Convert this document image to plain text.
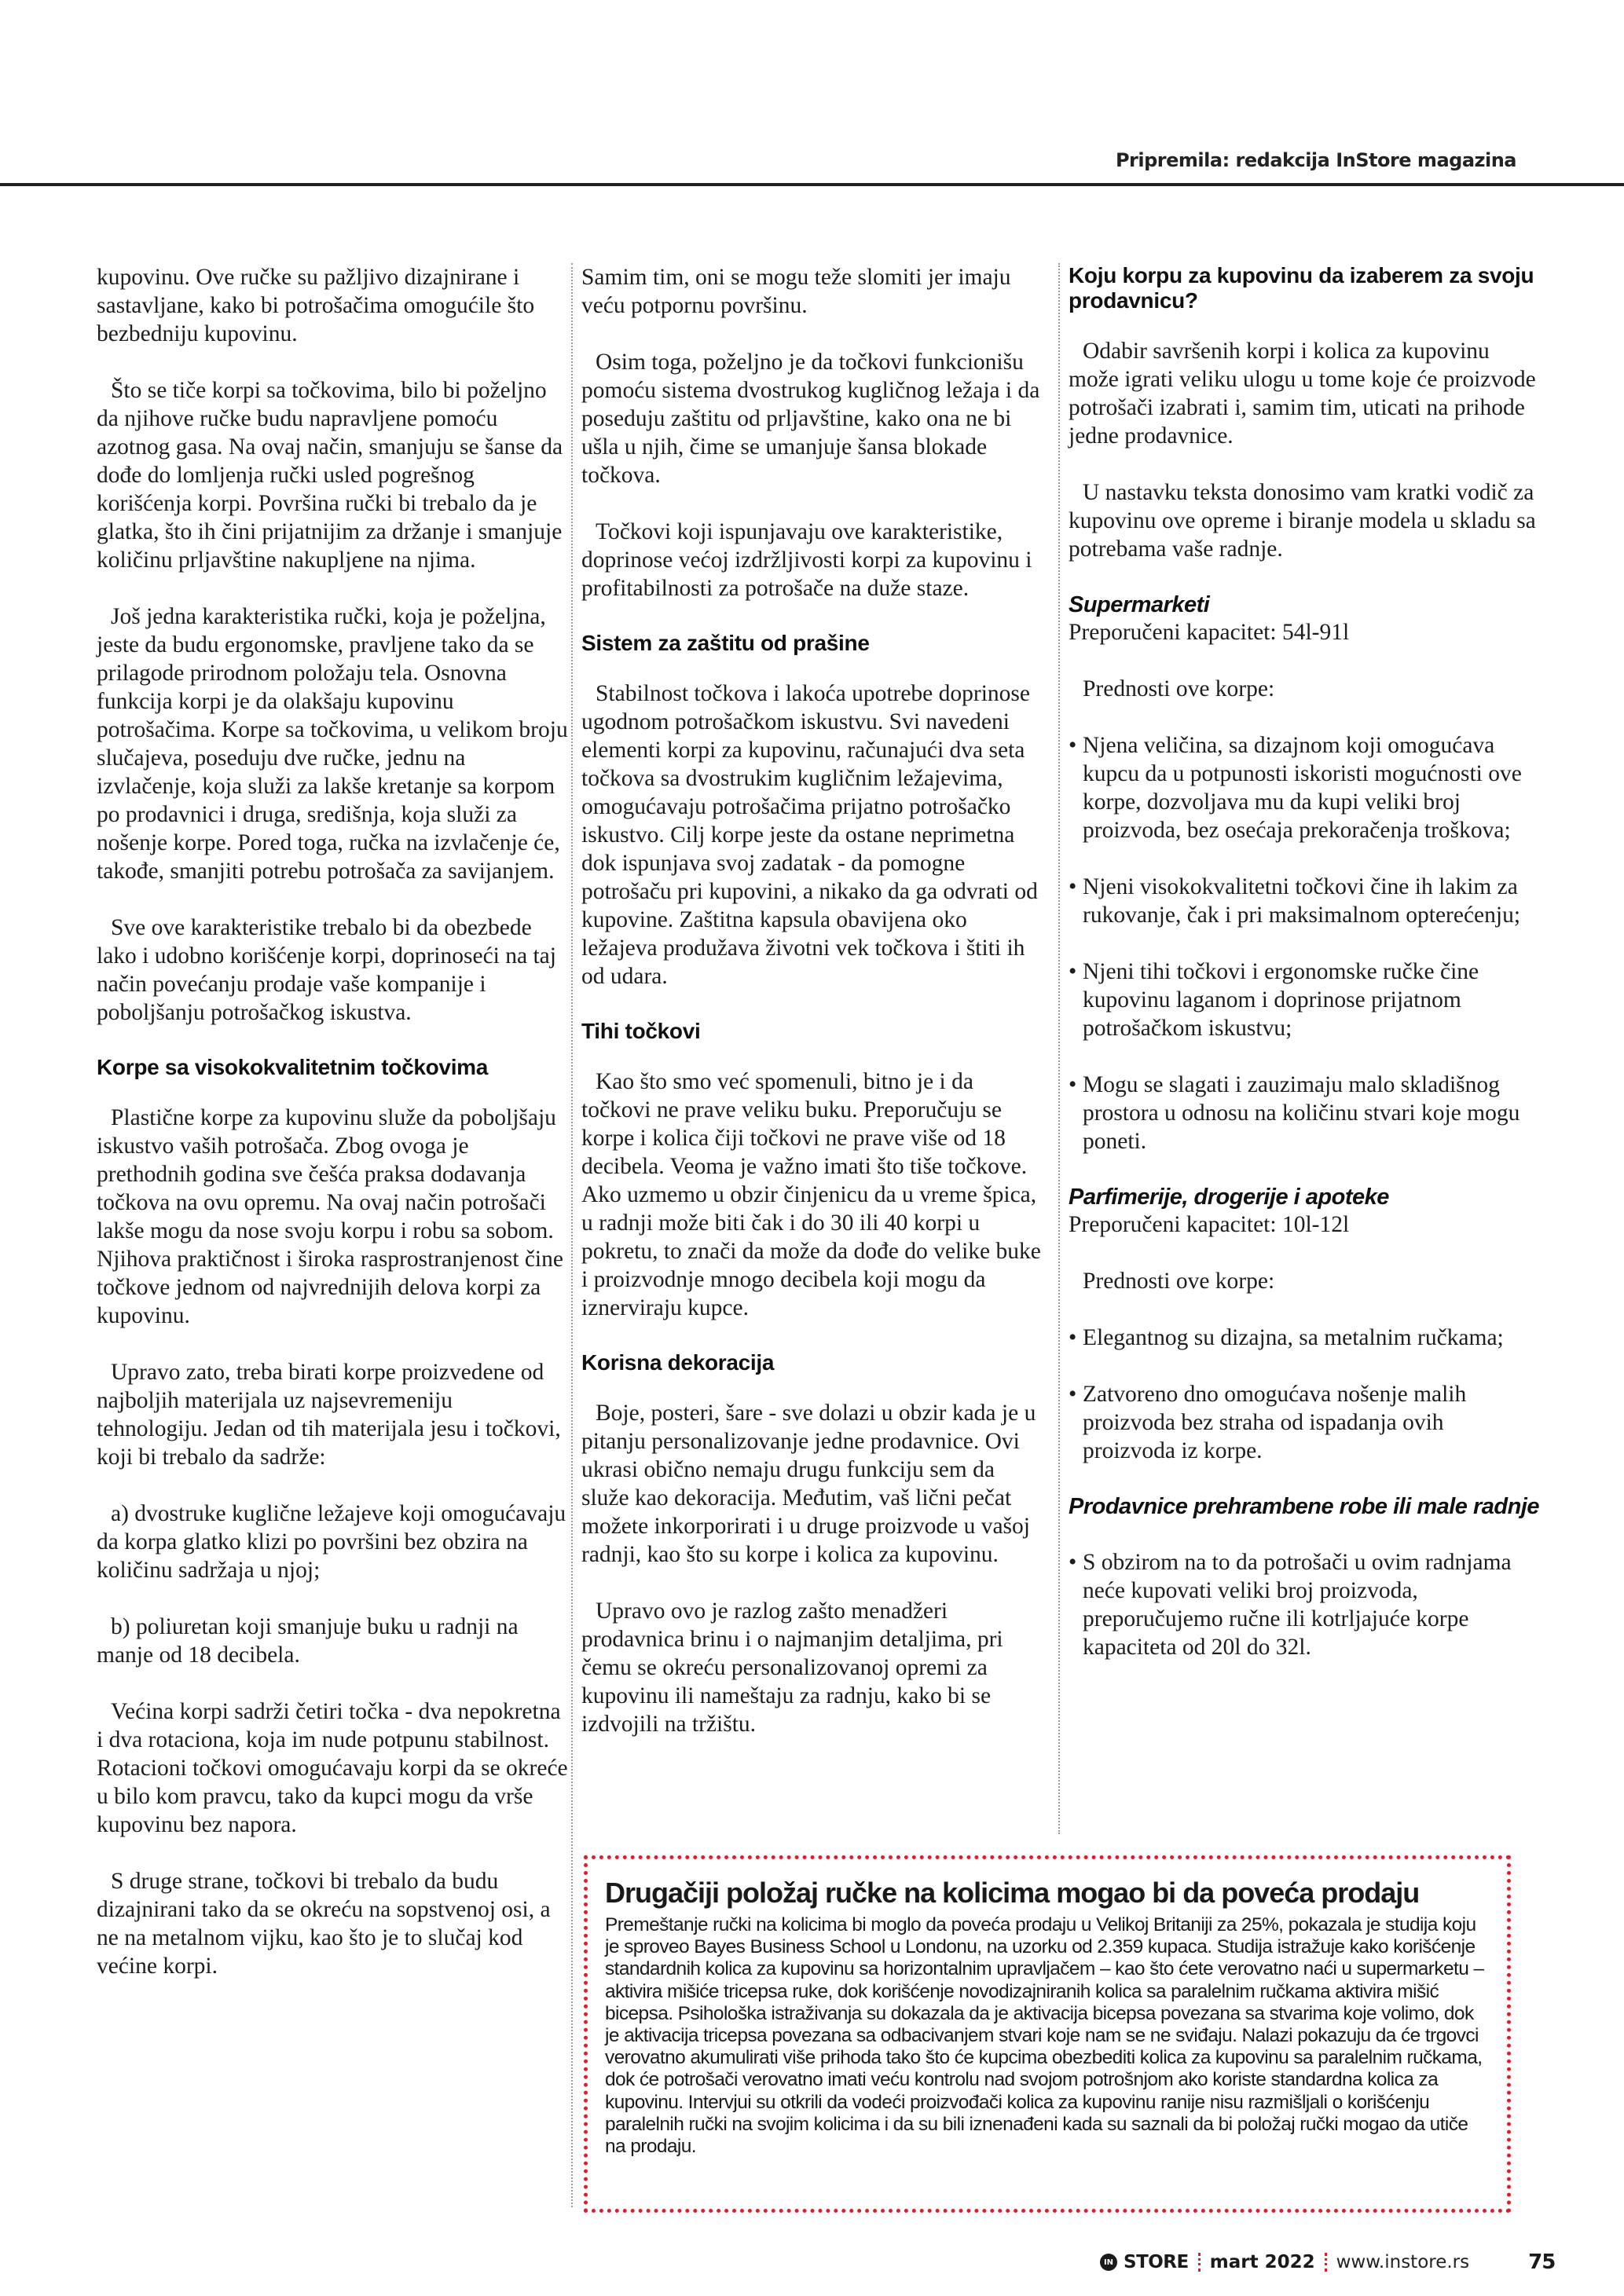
Pripremila: redakcija InStore magazina

kupovinu. Ove ručke su pažljivo dizajnirane i sastavljane, kako bi potrošačima omogućile što bezbedniju kupovinu.

Što se tiče korpi sa točkovima, bilo bi poželjno da njihove ručke budu napravljene pomoću azotnog gasa. Na ovaj način, smanjuju se šanse da dođe do lomljenja ručki usled pogrešnog korišćenja korpi. Površina ručki bi trebalo da je glatka, što ih čini prijatnijim za držanje i smanjuje količinu prljavštine nakupljene na njima.

Još jedna karakteristika ručki, koja je poželjna, jeste da budu ergonomske, pravljene tako da se prilagode prirodnom položaju tela. Osnovna funkcija korpi je da olakšaju kupovinu potrošačima. Korpe sa točkovima, u velikom broju slučajeva, poseduju dve ručke, jednu na izvlačenje, koja služi za lakše kretanje sa korpom po prodavnici i druga, središnja, koja služi za nošenje korpe. Pored toga, ručka na izvlačenje će, takođe, smanjiti potrebu potrošača za savijanjem.

Sve ove karakteristike trebalo bi da obezbede lako i udobno korišćenje korpi, doprinoseći na taj način povećanju prodaje vaše kompanije i poboljšanju potrošačkog iskustva.

Korpe sa visokokvalitetnim točkovima

Plastične korpe za kupovinu služe da poboljšaju iskustvo vaših potrošača. Zbog ovoga je prethodnih godina sve češća praksa dodavanja točkova na ovu opremu. Na ovaj način potrošači lakše mogu da nose svoju korpu i robu sa sobom. Njihova praktičnost i široka rasprostranjenost čine točkove jednom od najvrednijih delova korpi za kupovinu.

Upravo zato, treba birati korpe proizvedene od najboljih materijala uz najsevremeniju tehnologiju. Jedan od tih materijala jesu i točkovi, koji bi trebalo da sadrže:

a) dvostruke kuglične ležajeve koji omogućavaju da korpa glatko klizi po površini bez obzira na količinu sadržaja u njoj;

b) poliuretan koji smanjuje buku u radnji na manje od 18 decibela.

Većina korpi sadrži četiri točka - dva nepokretna i dva rotaciona, koja im nude potpunu stabilnost. Rotacioni točkovi omogućavaju korpi da se okreće u bilo kom pravcu, tako da kupci mogu da vrše kupovinu bez napora.

S druge strane, točkovi bi trebalo da budu dizajnirani tako da se okreću na sopstvenoj osi, a ne na metalnom vijku, kao što je to slučaj kod većine korpi.

Samim tim, oni se mogu teže slomiti jer imaju veću potpornu površinu.

Osim toga, poželjno je da točkovi funkcionišu pomoću sistema dvostrukog kugličnog ležaja i da poseduju zaštitu od prljavštine, kako ona ne bi ušla u njih, čime se umanjuje šansa blokade točkova.

Točkovi koji ispunjavaju ove karakteristike, doprinose većoj izdržljivosti korpi za kupovinu i profitabilnosti za potrošače na duže staze.

Sistem za zaštitu od prašine

Stabilnost točkova i lakoća upotrebe doprinose ugodnom potrošačkom iskustvu. Svi navedeni elementi korpi za kupovinu, računajući dva seta točkova sa dvostrukim kugličnim ležajevima, omogućavaju potrošačima prijatno potrošačko iskustvo. Cilj korpe jeste da ostane neprimetna dok ispunjava svoj zadatak - da pomogne potrošaču pri kupovini, a nikako da ga odvrati od kupovine. Zaštitna kapsula obavijena oko ležajeva produžava životni vek točkova i štiti ih od udara.

Tihi točkovi

Kao što smo već spomenuli, bitno je i da točkovi ne prave veliku buku. Preporučuju se korpe i kolica čiji točkovi ne prave više od 18 decibela. Veoma je važno imati što tiše točkove. Ako uzmemo u obzir činjenicu da u vreme špica, u radnji može biti čak i do 30 ili 40 korpi u pokretu, to znači da može da dođe do velike buke i proizvodnje mnogo decibela koji mogu da iznerviraju kupce.

Korisna dekoracija

Boje, posteri, šare - sve dolazi u obzir kada je u pitanju personalizovanje jedne prodavnice. Ovi ukrasi obično nemaju drugu funkciju sem da služe kao dekoracija. Međutim, vaš lični pečat možete inkorporirati i u druge proizvode u vašoj radnji, kao što su korpe i kolica za kupovinu.

Upravo ovo je razlog zašto menadžeri prodavnica brinu i o najmanjim detaljima, pri čemu se okreću personalizovanoj opremi za kupovinu ili nameštaju za radnju, kako bi se izdvojili na tržištu.

Koju korpu za kupovinu da izaberem za svoju prodavnicu?

Odabir savršenih korpi i kolica za kupovinu može igrati veliku ulogu u tome koje će proizvode potrošači izabrati i, samim tim, uticati na prihode jedne prodavnice.

U nastavku teksta donosimo vam kratki vodič za kupovinu ove opreme i biranje modela u skladu sa potrebama vaše radnje.

Supermarketi
Preporučeni kapacitet: 54l-91l

Prednosti ove korpe:

• Njena veličina, sa dizajnom koji omogućava kupcu da u potpunosti iskoristi mogućnosti ove korpe, dozvoljava mu da kupi veliki broj proizvoda, bez osećaja prekoračenja troškova;
• Njeni visokokvalitetni točkovi čine ih lakim za rukovanje, čak i pri maksimalnom opterećenju;
• Njeni tihi točkovi i ergonomske ručke čine kupovinu laganom i doprinose prijatnom potrošačkom iskustvu;
• Mogu se slagati i zauzimaju malo skladišnog prostora u odnosu na količinu stvari koje mogu poneti.
Parfimerije, drogerije i apoteke
Preporučeni kapacitet: 10l-12l

Prednosti ove korpe:

• Elegantnog su dizajna, sa metalnim ručkama;
• Zatvoreno dno omogućava nošenje malih proizvoda bez straha od ispadanja ovih proizvoda iz korpe.
Prodavnice prehrambene robe ili male radnje
• S obzirom na to da potrošači u ovim radnjama neće kupovati veliki broj proizvoda, preporučujemo ručne ili kotrljajuće korpe kapaciteta od 20l do 32l.
Drugačiji položaj ručke na kolicima mogao bi da poveća prodaju
Premeštanje ručki na kolicima bi moglo da poveća prodaju u Velikoj Britaniji za 25%, pokazala je studija koju je sproveo Bayes Business School u Londonu, na uzorku od 2.359 kupaca. Studija istražuje kako korišćenje standardnih kolica za kupovinu sa horizontalnim upravljačem – kao što ćete verovatno naći u supermarketu – aktivira mišiće tricepsa ruke, dok korišćenje novodizajniranih kolica sa paralelnim ručkama aktivira mišić bicepsa. Psihološka istraživanja su dokazala da je aktivacija bicepsa povezana sa stvarima koje volimo, dok je aktivacija tricepsa povezana sa odbacivanjem stvari koje nam se ne sviđaju. Nalazi pokazuju da će trgovci verovatno akumulirati više prihoda tako što će kupcima obezbediti kolica za kupovinu sa paralelnim ručkama, dok će potrošači verovatno imati veću kontrolu nad svojom potrošnjom ako koriste standardna kolica za kupovinu. Intervjui su otkrili da vodeći proizvođači kolica za kupovinu ranije nisu razmišljali o korišćenju paralelnih ručki na svojim kolicima i da su bili iznenađeni kada su saznali da bi položaj ručki mogao da utiče na prodaju.
IN STORE mart 2022 www.instore.rs	75
